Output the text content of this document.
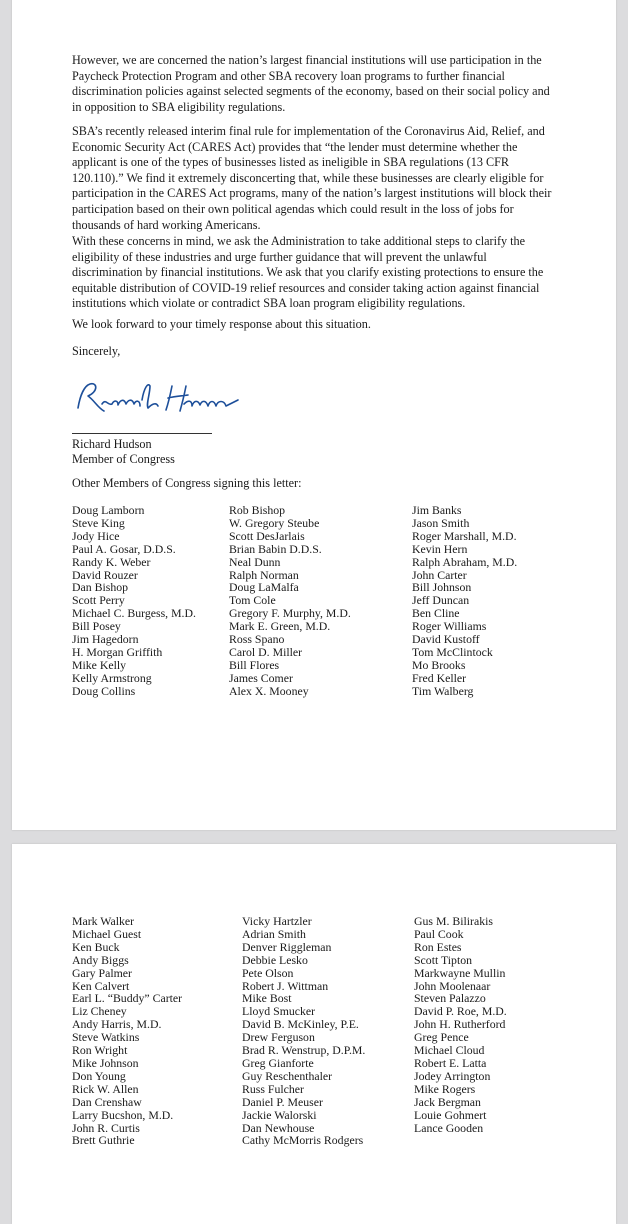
However, we are concerned the nation’s largest financial institutions will use participation in the Paycheck Protection Program and other SBA recovery loan programs to further financial discrimination policies against selected segments of the economy, based on their social policy and in opposition to SBA eligibility regulations.

SBA’s recently released interim final rule for implementation of the Coronavirus Aid, Relief, and Economic Security Act (CARES Act) provides that “the lender must determine whether the applicant is one of the types of businesses listed as ineligible in SBA regulations (13 CFR 120.110).” We find it extremely disconcerting that, while these businesses are clearly eligible for participation in the CARES Act programs, many of the nation’s largest institutions will block their participation based on their own political agendas which could result in the loss of jobs for thousands of hard working Americans.

With these concerns in mind, we ask the Administration to take additional steps to clarify the eligibility of these industries and urge further guidance that will prevent the unlawful discrimination by financial institutions. We ask that you clarify existing protections to ensure the equitable distribution of COVID-19 relief resources and consider taking action against financial institutions which violate or contradict SBA loan program eligibility regulations.

We look forward to your timely response about this situation.

Sincerely,

Richard Hudson
Member of Congress
Other Members of Congress signing this letter:
Doug Lamborn
Steve King
Jody Hice
Paul A. Gosar, D.D.S.
Randy K. Weber
David Rouzer
Dan Bishop
Scott Perry
Michael C. Burgess, M.D.
Bill Posey
Jim Hagedorn
H. Morgan Griffith
Mike Kelly
Kelly Armstrong
Doug Collins
Rob Bishop
W. Gregory Steube
Scott DesJarlais
Brian Babin D.D.S.
Neal Dunn
Ralph Norman
Doug LaMalfa
Tom Cole
Gregory F. Murphy, M.D.
Mark E. Green, M.D.
Ross Spano
Carol D. Miller
Bill Flores
James Comer
Alex X. Mooney
Jim Banks
Jason Smith
Roger Marshall, M.D.
Kevin Hern
Ralph Abraham, M.D.
John Carter
Bill Johnson
Jeff Duncan
Ben Cline
Roger Williams
David Kustoff
Tom McClintock
Mo Brooks
Fred Keller
Tim Walberg
Mark Walker
Michael Guest
Ken Buck
Andy Biggs
Gary Palmer
Ken Calvert
Earl L. “Buddy” Carter
Liz Cheney
Andy Harris, M.D.
Steve Watkins
Ron Wright
Mike Johnson
Don Young
Rick W. Allen
Dan Crenshaw
Larry Bucshon, M.D.
John R. Curtis
Brett Guthrie
Vicky Hartzler
Adrian Smith
Denver Riggleman
Debbie Lesko
Pete Olson
Robert J. Wittman
Mike Bost
Lloyd Smucker
David B. McKinley, P.E.
Drew Ferguson
Brad R. Wenstrup, D.P.M.
Greg Gianforte
Guy Reschenthaler
Russ Fulcher
Daniel P. Meuser
Jackie Walorski
Dan Newhouse
Cathy McMorris Rodgers
Gus M. Bilirakis
Paul Cook
Ron Estes
Scott Tipton
Markwayne Mullin
John Moolenaar
Steven Palazzo
David P. Roe, M.D.
John H. Rutherford
Greg Pence
Michael Cloud
Robert E. Latta
Jodey Arrington
Mike Rogers
Jack Bergman
Louie Gohmert
Lance Gooden
